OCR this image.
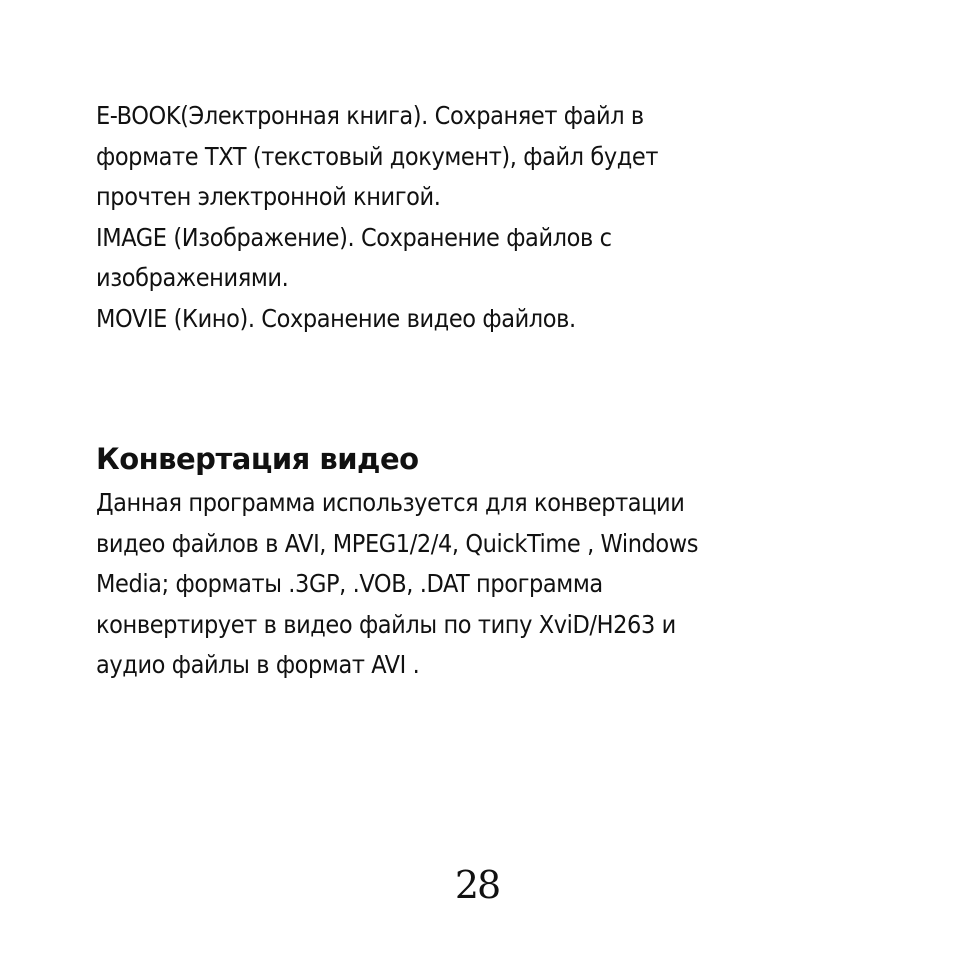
E-BOOK(Электронная книга). Сохраняет файл в
формате TXT (текстовый документ), файл будет
прочтен электронной книгой.
IMAGE (Изображение). Сохранение файлов с
изображениями.
MOVIE (Кино). Сохранение видео файлов.
Конвертация видео
Данная программа используется для конвертации
видео файлов в AVI, MPEG1/2/4, QuickTime , Windows
Media; форматы .3GP, .VOB, .DAT программа
конвертирует в видео файлы по типу XviD/H263 и
аудио файлы в формат AVI .
28
